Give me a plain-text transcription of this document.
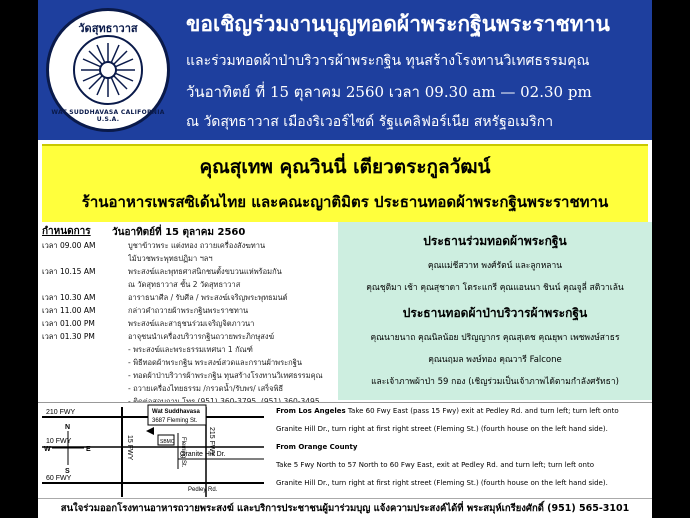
วัดสุทธาวาส
WAT SUDDHAVASA CALIFORNIA U.S.A.
ขอเชิญร่วมงานบุญทอดผ้าพระกฐินพระราชทาน
และร่วมทอดผ้าป่าบริวารผ้าพระกฐิน ทุนสร้างโรงทานวิเทศธรรมคุณ
วันอาทิตย์ ที่ 15 ตุลาคม 2560 เวลา 09.30 am — 02.30 pm
ณ วัดสุทธาวาส เมืองริเวอร์ไซด์ รัฐแคลิฟอร์เนีย สหรัฐอเมริกา
คุณสุเทพ คุณวินนี่ เตียวตระกูลวัฒน์
ร้านอาหารเพรสซิเด้นไทย และคณะญาติมิตร ประธานทอดผ้าพระกฐินพระราชทาน
กำหนดการ วันอาทิตย์ที่ 15 ตุลาคม 2560
เวลา 09.00 AM	บูชาข้าวพระ แต่งทอง ถวายเครื่องสังฆทาน
ไม้บวชพระพุทธปฏิมา ฯลฯ
เวลา 10.15 AM	พระสงฆ์และพุทธศาสนิกชนตั้งขบวนแห่พร้อมกัน
ณ วัดสุทธาวาส ชั้น 2 วัดสุทธาวาส
เวลา 10.30 AM	อาราธนาศีล / รับศีล / พระสงฆ์เจริญพระพุทธมนต์
เวลา 11.00 AM	กล่าวคำถวายผ้าพระกฐินพระราชทาน
เวลา 01.00 PM	พระสงฆ์และสาธุชนร่วมเจริญจิตภาวนา
เวลา 01.30 PM	อาจุชนนำเครื่องบริวารกฐินถวายพระภิกษุสงฆ์
- พระสงฆ์และพระธรรมเทศนา 1 กัณฑ์
- พิธีทอดผ้าพระกฐิน พระสงฆ์สวดและกรานผ้าพระกฐิน
- ทอดผ้าป่าบริวารผ้าพระกฐิน ทุนสร้างโรงทานวิเทศธรรมคุณ
- ถวายเครื่องไทยธรรม /กรวดน้ำ/รับพร/ เสร็จพิธี
ประธานร่วมทอดผ้าพระกฐิน
คุณแม่ชีสวาท พงศ์รัตน์ และลูกหลาน
คุณชุติมา เช้า คุณสุชาดา โตระแกรี คุณแอนนา ชินน์ คุณจูลี่ สติวาเล้น
ประธานทอดผ้าป่าบริวารผ้าพระกฐิน
คุณนายนาถ คุณนิลน้อย ปริญญากร คุณสุเดช คุณยุพา เพชพงษ์สาธร
คุณนฤมล พงษ์ทอง คุณวารี Falcone
และเจ้าภาพผ้าป่า 59 กอง (เชิญร่วมเป็นเจ้าภาพได้ตามกำลังศรัทธา)
210 FWY
10 FWY
60 FWY
N
W	E
S
15 FWY	215 FWY
Wat Suddhavasa
3687 Fleming St.
SBMC
Granite Hill Dr.
Fleming St.
Pedley Rd.
From Los Angeles Take 60 Fwy East (pass 15 Fwy) exit at Pedley Rd. and turn left; turn left onto
Granite Hill Dr., turn right at first right street (Fleming St.) (fourth house on the left hand side).
From Orange County
Take 5 Fwy North to 57 North to 60 Fwy East, exit at Pedley Rd. and turn left; turn left onto
Granite Hill Dr., turn right at first right street (Fleming St.) (fourth house on the left hand side).
สนใจร่วมออกโรงทานอาหารถวายพระสงฆ์ และบริการประชาชนผู้มาร่วมบุญ แจ้งความประสงค์ได้ที่ พระสมุห์เกรียงศักดิ์ (951) 565-3101
